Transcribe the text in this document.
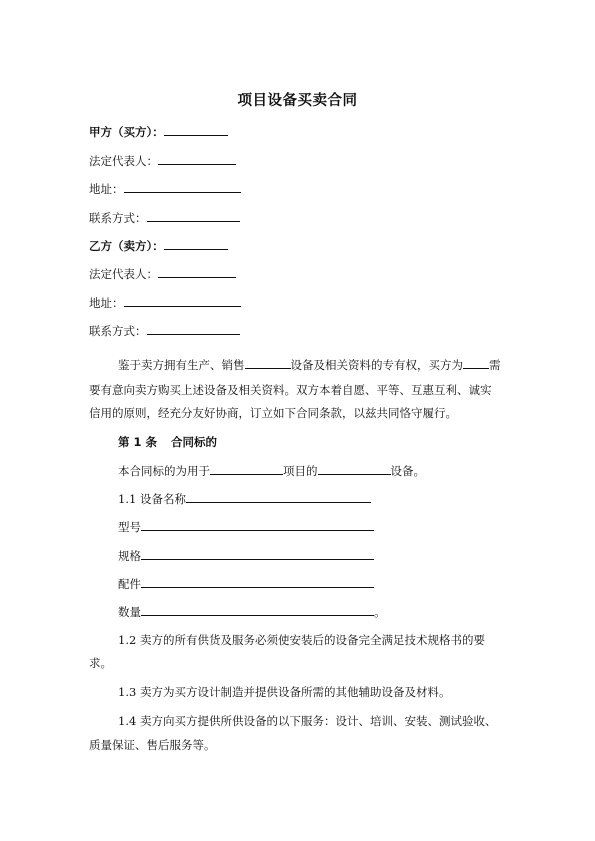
项目设备买卖合同
甲方（买方）：
法定代表人：
地址：
联系方式：
乙方（卖方）：
法定代表人：
地址：
联系方式：
鉴于卖方拥有生产、销售	设备及相关资料的专有权，买方为 需
要有意向卖方购买上述设备及相关资料。双方本着自愿、平等、互惠互利、诚实
信用的原则，经充分友好协商，订立如下合同条款，以兹共同恪守履行。
第 1 条 合同标的
本合同标的为用于	项目的	设备。
1.1 设备名称
型号
规格
配件
数量	。
1.2 卖方的所有供货及服务必须使安装后的设备完全满足技术规格书的要
求。
1.3 卖方为买方设计制造并提供设备所需的其他辅助设备及材料。
1.4 卖方向买方提供所供设备的以下服务：设计、培训、安装、测试验收、
质量保证、售后服务等。
